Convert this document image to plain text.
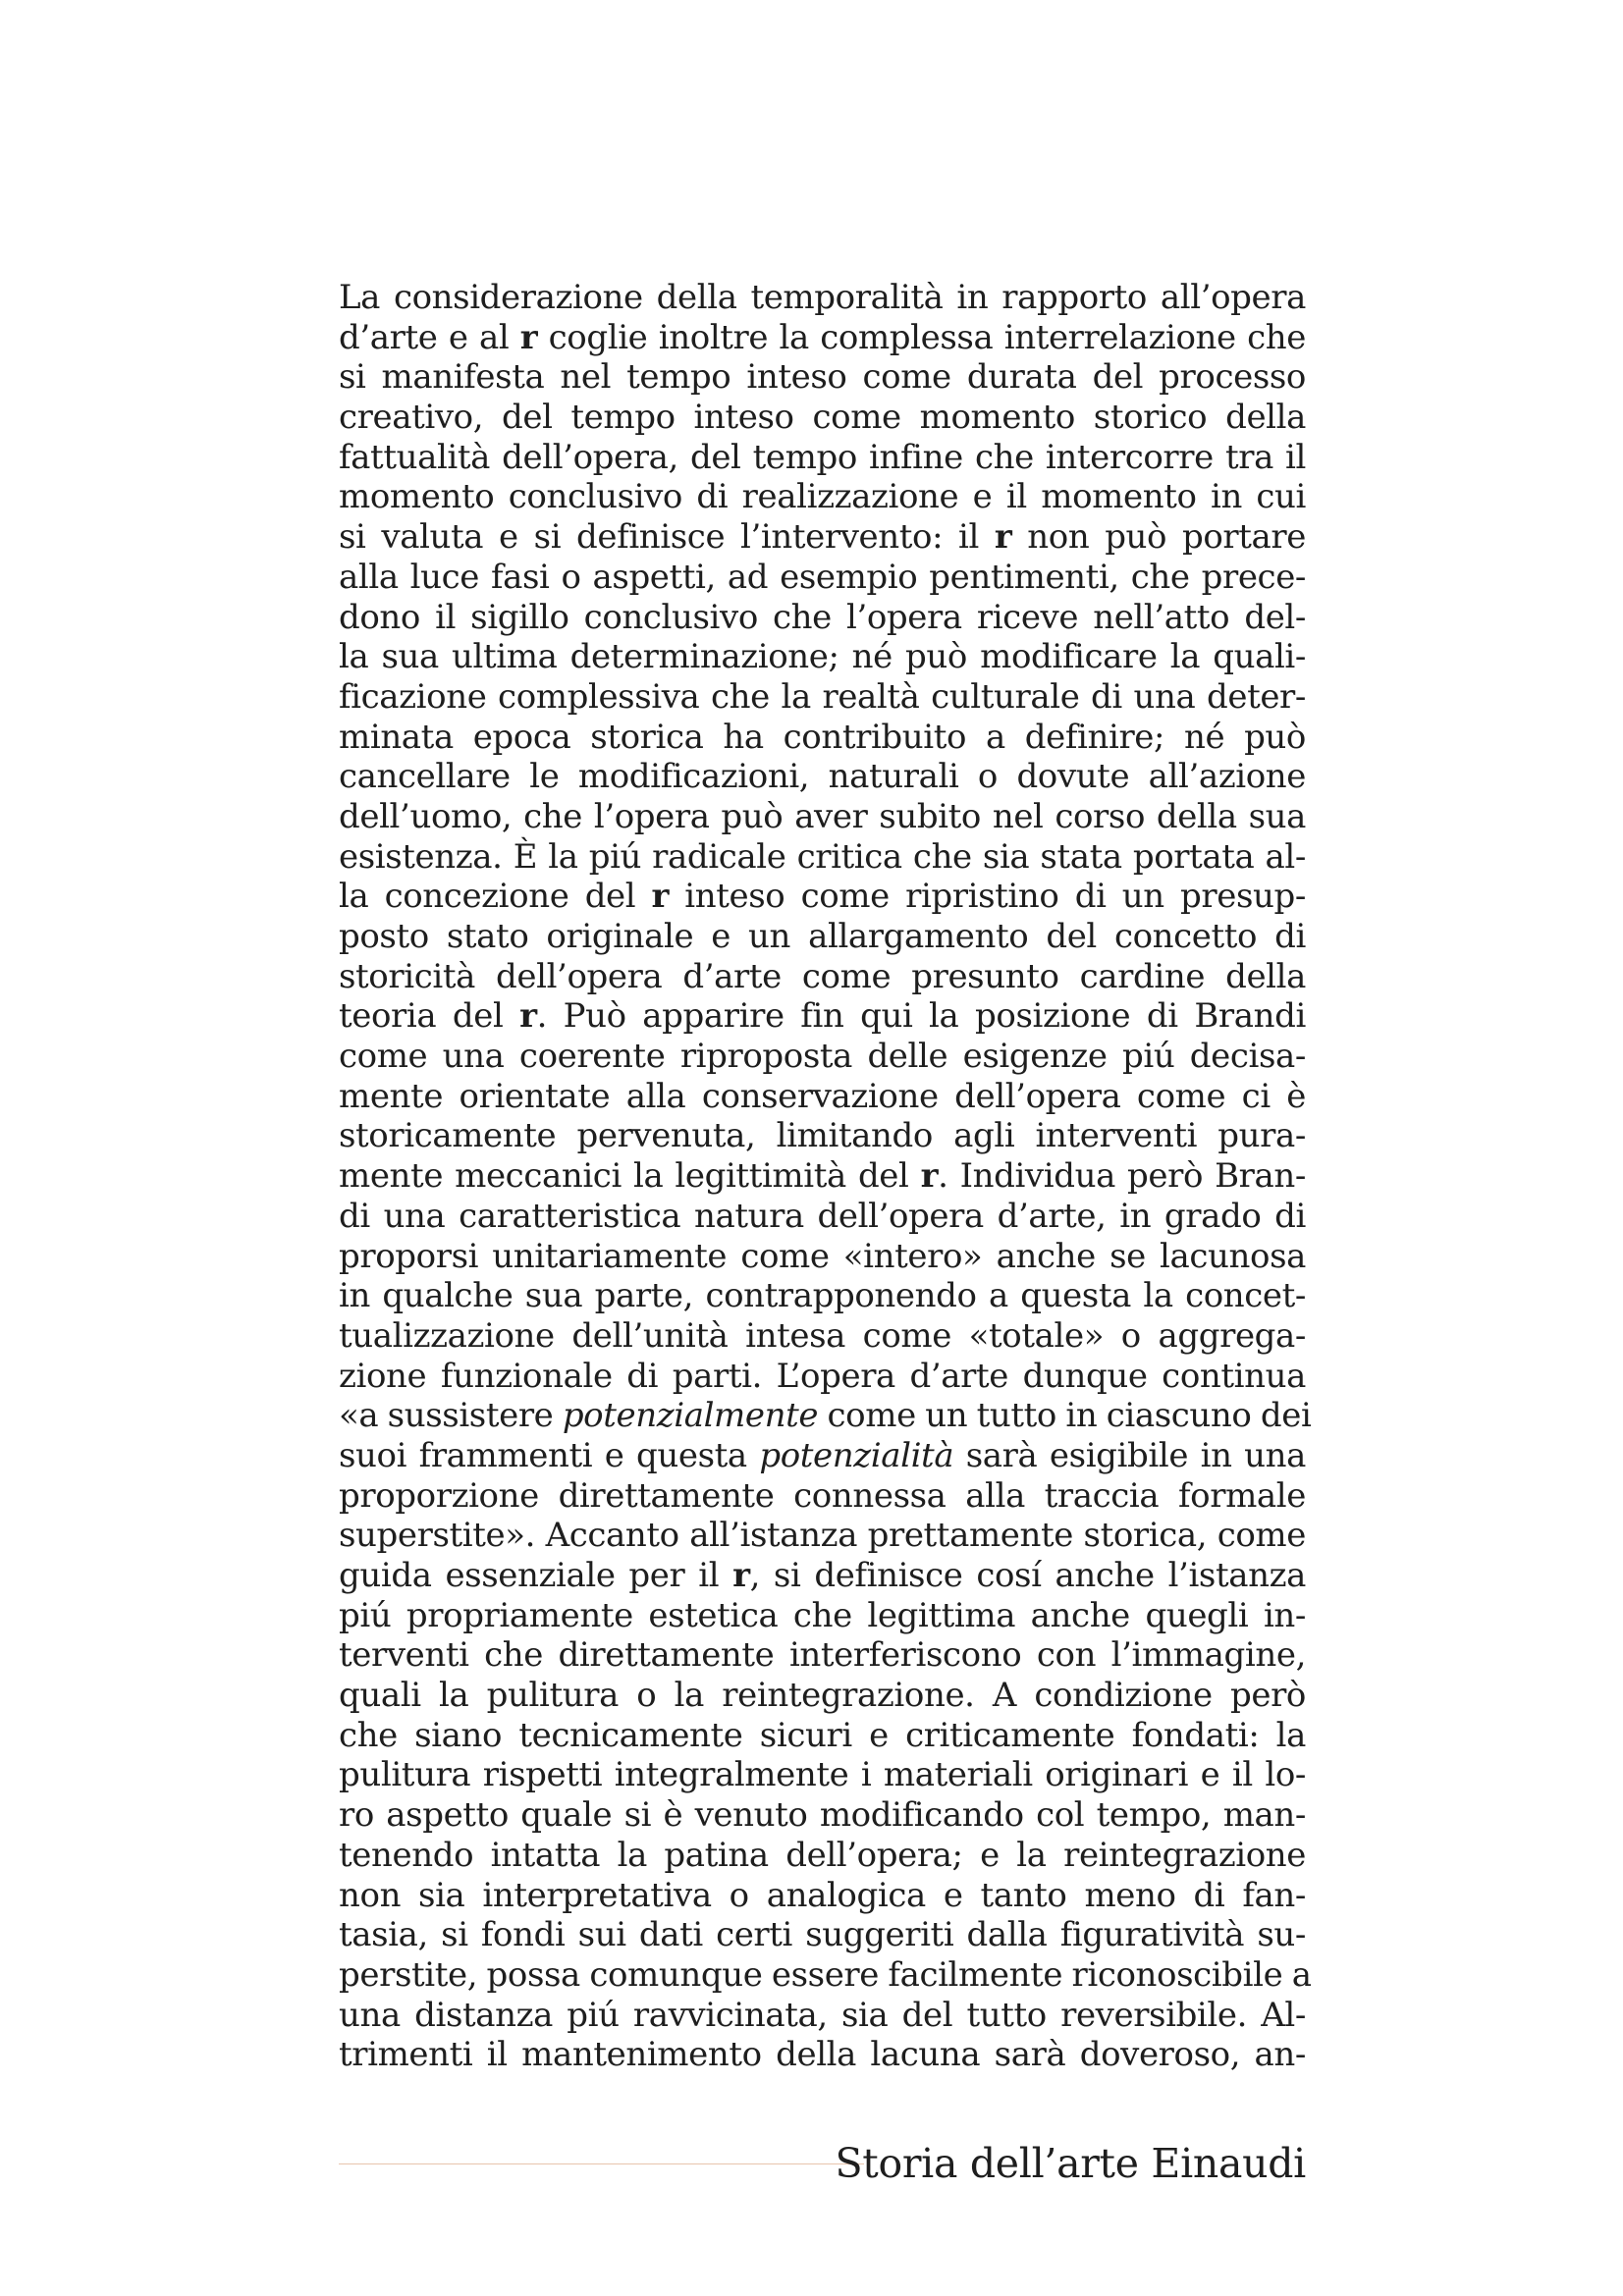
La considerazione della temporalità in rapporto all’opera
d’arte e al r coglie inoltre la complessa interrelazione che
si manifesta nel tempo inteso come durata del processo
creativo, del tempo inteso come momento storico della
fattualità dell’opera, del tempo infine che intercorre tra il
momento conclusivo di realizzazione e il momento in cui
si valuta e si definisce l’intervento: il r non può portare
alla luce fasi o aspetti, ad esempio pentimenti, che prece-
dono il sigillo conclusivo che l’opera riceve nell’atto del-
la sua ultima determinazione; né può modificare la quali-
ficazione complessiva che la realtà culturale di una deter-
minata epoca storica ha contribuito a definire; né può
cancellare le modificazioni, naturali o dovute all’azione
dell’uomo, che l’opera può aver subito nel corso della sua
esistenza. È la piú radicale critica che sia stata portata al-
la concezione del r inteso come ripristino di un presup-
posto stato originale e un allargamento del concetto di
storicità dell’opera d’arte come presunto cardine della
teoria del r. Può apparire fin qui la posizione di Brandi
come una coerente riproposta delle esigenze piú decisa-
mente orientate alla conservazione dell’opera come ci è
storicamente pervenuta, limitando agli interventi pura-
mente meccanici la legittimità del r. Individua però Bran-
di una caratteristica natura dell’opera d’arte, in grado di
proporsi unitariamente come «intero» anche se lacunosa
in qualche sua parte, contrapponendo a questa la concet-
tualizzazione dell’unità intesa come «totale» o aggrega-
zione funzionale di parti. L’opera d’arte dunque continua
«a sussistere potenzialmente come un tutto in ciascuno dei
suoi frammenti e questa potenzialità sarà esigibile in una
proporzione direttamente connessa alla traccia formale
superstite». Accanto all’istanza prettamente storica, come
guida essenziale per il r, si definisce cosí anche l’istanza
piú propriamente estetica che legittima anche quegli in-
terventi che direttamente interferiscono con l’immagine,
quali la pulitura o la reintegrazione. A condizione però
che siano tecnicamente sicuri e criticamente fondati: la
pulitura rispetti integralmente i materiali originari e il lo-
ro aspetto quale si è venuto modificando col tempo, man-
tenendo intatta la patina dell’opera; e la reintegrazione
non sia interpretativa o analogica e tanto meno di fan-
tasia, si fondi sui dati certi suggeriti dalla figuratività su-
perstite, possa comunque essere facilmente riconoscibile a
una distanza piú ravvicinata, sia del tutto reversibile. Al-
trimenti il mantenimento della lacuna sarà doveroso, an-
Storia dell’arte Einaudi
